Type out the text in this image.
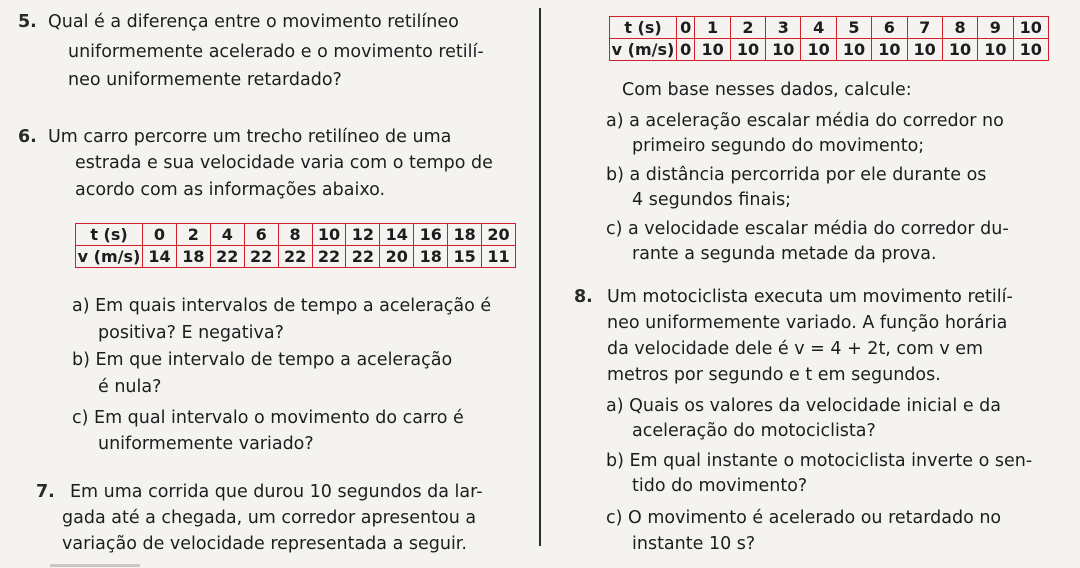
5. Qual é a diferença entre o movimento retilíneo
uniformemente acelerado e o movimento retilí-
neo uniformemente retardado?
6. Um carro percorre um trecho retilíneo de uma
estrada e sua velocidade varia com o tempo de
acordo com as informações abaixo.
t (s)	0	2	4	6	8	10	12	14	16	18	20
v (m/s)	14	18	22	22	22	22	22	20	18	15	11
a) Em quais intervalos de tempo a aceleração é
positiva? E negativa?
b) Em que intervalo de tempo a aceleração
é nula?
c) Em qual intervalo o movimento do carro é
uniformemente variado?
7. Em uma corrida que durou 10 segundos da lar-
gada até a chegada, um corredor apresentou a
variação de velocidade representada a seguir.
t (s)	0	1	2	3	4	5	6	7	8	9	10
v (m/s)	0	10	10	10	10	10	10	10	10	10	10
Com base nesses dados, calcule:
a) a aceleração escalar média do corredor no
primeiro segundo do movimento;
b) a distância percorrida por ele durante os
4 segundos finais;
c) a velocidade escalar média do corredor du-
rante a segunda metade da prova.
8. Um motociclista executa um movimento retilí-
neo uniformemente variado. A função horária
da velocidade dele é v = 4 + 2t, com v em
metros por segundo e t em segundos.
a) Quais os valores da velocidade inicial e da
aceleração do motociclista?
b) Em qual instante o motociclista inverte o sen-
tido do movimento?
c) O movimento é acelerado ou retardado no
instante 10 s?
